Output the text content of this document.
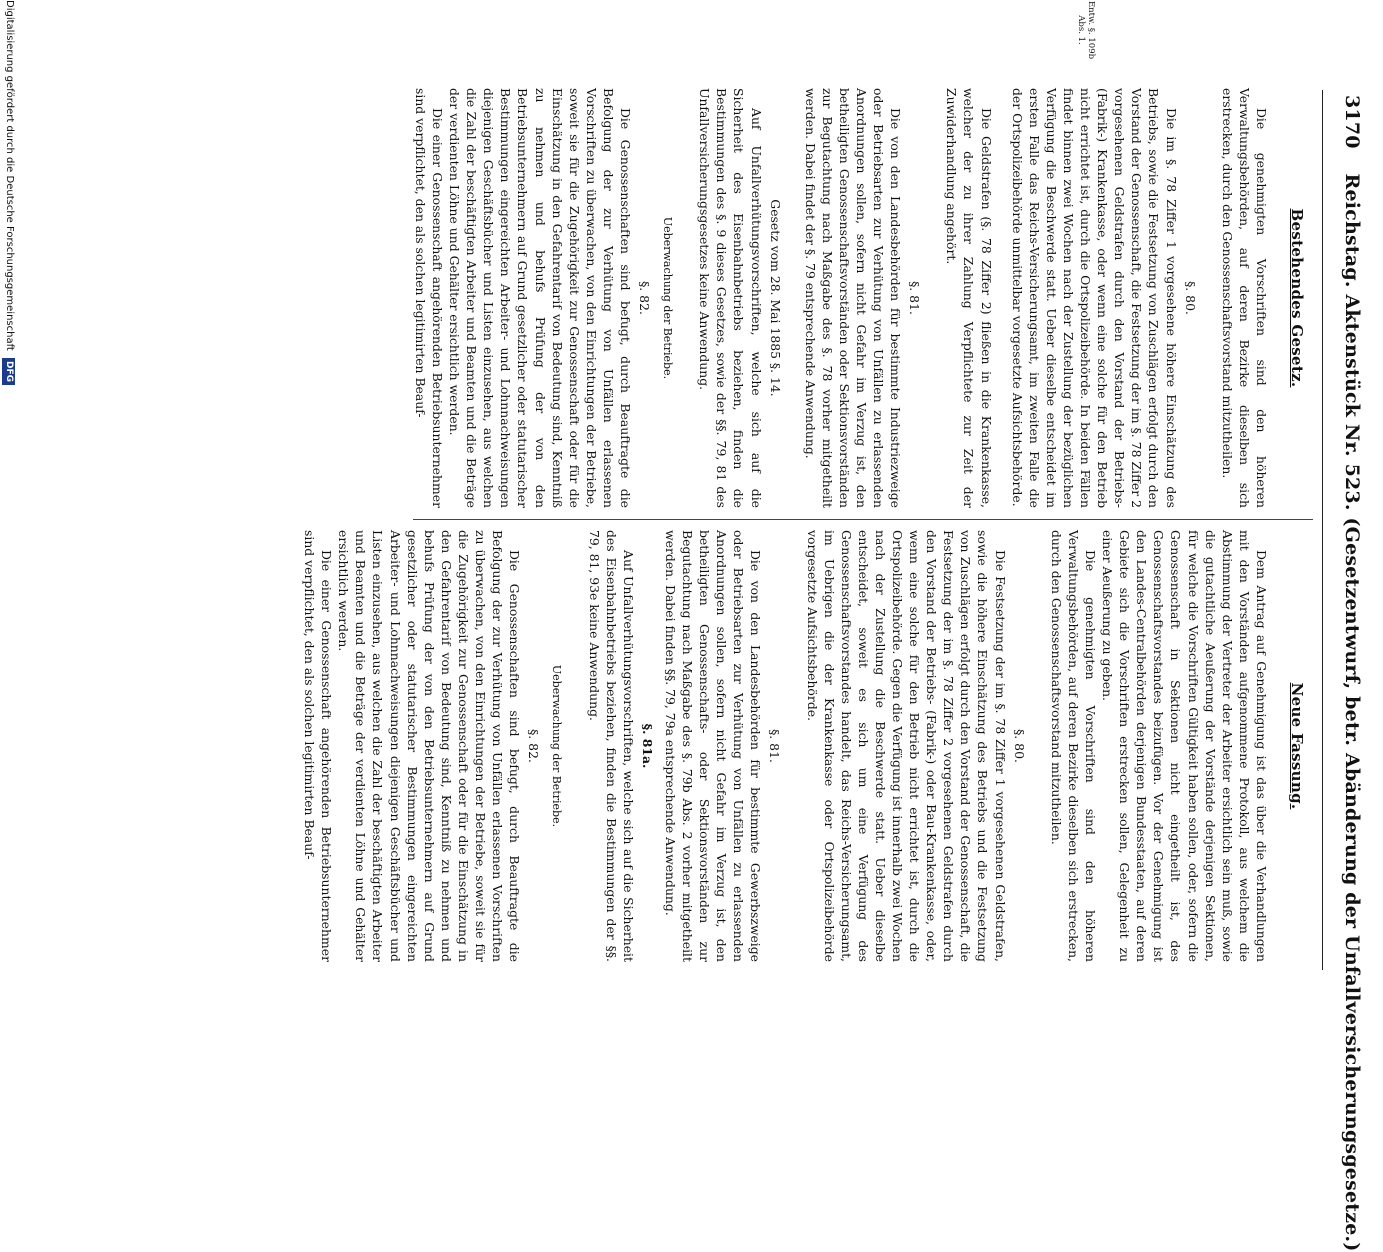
3170 Reichstag. Aktenstück Nr. 523. (Gesetzentwurf, betr. Abänderung der Unfallversicherungsgesetze.)
Entw. §. 109b Abs. 1.
Bestehendes Gesetz.

Die genehmigten Vorschriften sind den höheren Verwaltungsbehörden, auf deren Bezirke dieselben sich erstrecken, durch den Genossenschaftsvorstand mitzutheilen.

§. 80.

Die im §. 78 Ziffer 1 vorgesehene höhere Einschätzung des Betriebs, sowie die Festsetzung von Zuschlägen erfolgt durch den Vorstand der Genossenschaft, die Festsetzung der im §. 78 Ziffer 2 vorgesehenen Geldstrafen durch den Vorstand der Betriebs- (Fabrik-) Krankenkasse, oder wenn eine solche für den Betrieb nicht errichtet ist, durch die Ortspolizeibehörde. In beiden Fällen findet binnen zwei Wochen nach der Zustellung der bezüglichen Verfügung die Beschwerde statt. Ueber dieselbe entscheidet im ersten Falle das Reichs-Versicherungsamt, im zweiten Falle die der Ortspolizeibehörde unmittelbar vorgesetzte Aufsichtsbehörde.

Die Geldstrafen (§. 78 Ziffer 2) fließen in die Krankenkasse, welcher der zu ihrer Zahlung Verpflichtete zur Zeit der Zuwiderhandlung angehört.

§. 81.

Die von den Landesbehörden für bestimmte Industriezweige oder Betriebsarten zur Verhütung von Unfällen zu erlassenden Anordnungen sollen, sofern nicht Gefahr im Verzug ist, den betheiligten Genossenschaftsvorständen oder Sektionsvorständen zur Begutachtung nach Maßgabe des §. 78 vorher mitgetheilt werden. Dabei findet der §. 79 entsprechende Anwendung.

Gesetz vom 28. Mai 1885 §. 14.

Auf Unfallverhütungsvorschriften, welche sich auf die Sicherheit des Eisenbahnbetriebs beziehen, finden die Bestimmungen des §. 9 dieses Gesetzes, sowie der §§. 79, 81 des Unfallversicherungsgesetzes keine Anwendung.

Ueberwachung der Betriebe.
§. 82.

Die Genossenschaften sind befugt, durch Beauftragte die Befolgung der zur Verhütung von Unfällen erlassenen Vorschriften zu überwachen, von den Einrichtungen der Betriebe, soweit sie für die Zugehörigkeit zur Genossenschaft oder für die Einschätzung in den Gefahrentarif von Bedeutung sind, Kenntniß zu nehmen und behufs Prüfung der von den Betriebsunternehmern auf Grund gesetzlicher oder statutarischer Bestimmungen eingereichten Arbeiter- und Lohnnachweisungen diejenigen Geschäftsbücher und Listen einzusehen, aus welchen die Zahl der beschäftigten Arbeiter und Beamten und die Beträge der verdienten Löhne und Gehälter ersichtlich werden.

Die einer Genossenschaft angehörenden Betriebsunternehmer sind verpflichtet, den als solchen legitimirten Beauf-

Neue Fassung.

Dem Antrag auf Genehmigung ist das über die Verhandlungen mit den Vorständen aufgenommene Protokoll, aus welchem die Abstimmung der Vertreter der Arbeiter ersichtlich sein muß, sowie die gutachtliche Aeußerung der Vorstände derjenigen Sektionen, für welche die Vorschriften Gültigkeit haben sollen, oder, sofern die Genossenschaft in Sektionen nicht eingetheilt ist, des Genossenschaftsvorstandes beizufügen. Vor der Genehmigung ist den Landes-Centralbehörden derjenigen Bundesstaaten, auf deren Gebiete sich die Vorschriften erstrecken sollen, Gelegenheit zu einer Aeußerung zu geben.

Die genehmigten Vorschriften sind den höheren Verwaltungsbehörden, auf deren Bezirke dieselben sich erstrecken, durch den Genossenschaftsvorstand mitzutheilen.

§. 80.

Die Festsetzung der im §. 78 Ziffer 1 vorgesehenen Geldstrafen, sowie die höhere Einschätzung des Betriebs und die Festsetzung von Zuschlägen erfolgt durch den Vorstand der Genossenschaft, die Festsetzung der im §. 78 Ziffer 2 vorgesehenen Geldstrafen durch den Vorstand der Betriebs- (Fabrik-) oder Bau-Krankenkasse, oder, wenn eine solche für den Betrieb nicht errichtet ist, durch die Ortspolizeibehörde. Gegen die Verfügung ist innerhalb zwei Wochen nach der Zustellung die Beschwerde statt. Ueber dieselbe entscheidet, soweit es sich um eine Verfügung des Genossenschaftsvorstandes handelt, das Reichs-Versicherungsamt, im Uebrigen die der Krankenkasse oder Ortspolizeibehörde vorgesetzte Aufsichtsbehörde.

§. 81.

Die von den Landesbehörden für bestimmte Gewerbszweige oder Betriebsarten zur Verhütung von Unfällen zu erlassenden Anordnungen sollen, sofern nicht Gefahr im Verzug ist, den betheiligten Genossenschafts- oder Sektionsvorständen zur Begutachtung nach Maßgabe des §. 79b Abs. 2 vorher mitgetheilt werden. Dabei finden §§. 79, 79a entsprechende Anwendung.

§. 81a.

Auf Unfallverhütungsvorschriften, welche sich auf die Sicherheit des Eisenbahnbetriebs beziehen, finden die Bestimmungen der §§. 79, 81, 93e keine Anwendung.

Ueberwachung der Betriebe.
§. 82.

Die Genossenschaften sind befugt, durch Beauftragte die Befolgung der zur Verhütung von Unfällen erlassenen Vorschriften zu überwachen, von den Einrichtungen der Betriebe, soweit sie für die Zugehörigkeit zur Genossenschaft oder für die Einschätzung in den Gefahrentarif von Bedeutung sind, Kenntniß zu nehmen und behufs Prüfung der von den Betriebsunternehmern auf Grund gesetzlicher oder statutarischer Bestimmungen eingereichten Arbeiter- und Lohnnachweisungen diejenigen Geschäftsbücher und Listen einzusehen, aus welchen die Zahl der beschäftigten Arbeiter und Beamten und die Beträge der verdienten Löhne und Gehälter ersichtlich werden.

Die einer Genossenschaft angehörenden Betriebsunternehmer sind verpflichtet, den als solchen legitimirten Beauf-

Digitalisierung gefördert durch die Deutsche Forschungsgemeinschaft DFG
